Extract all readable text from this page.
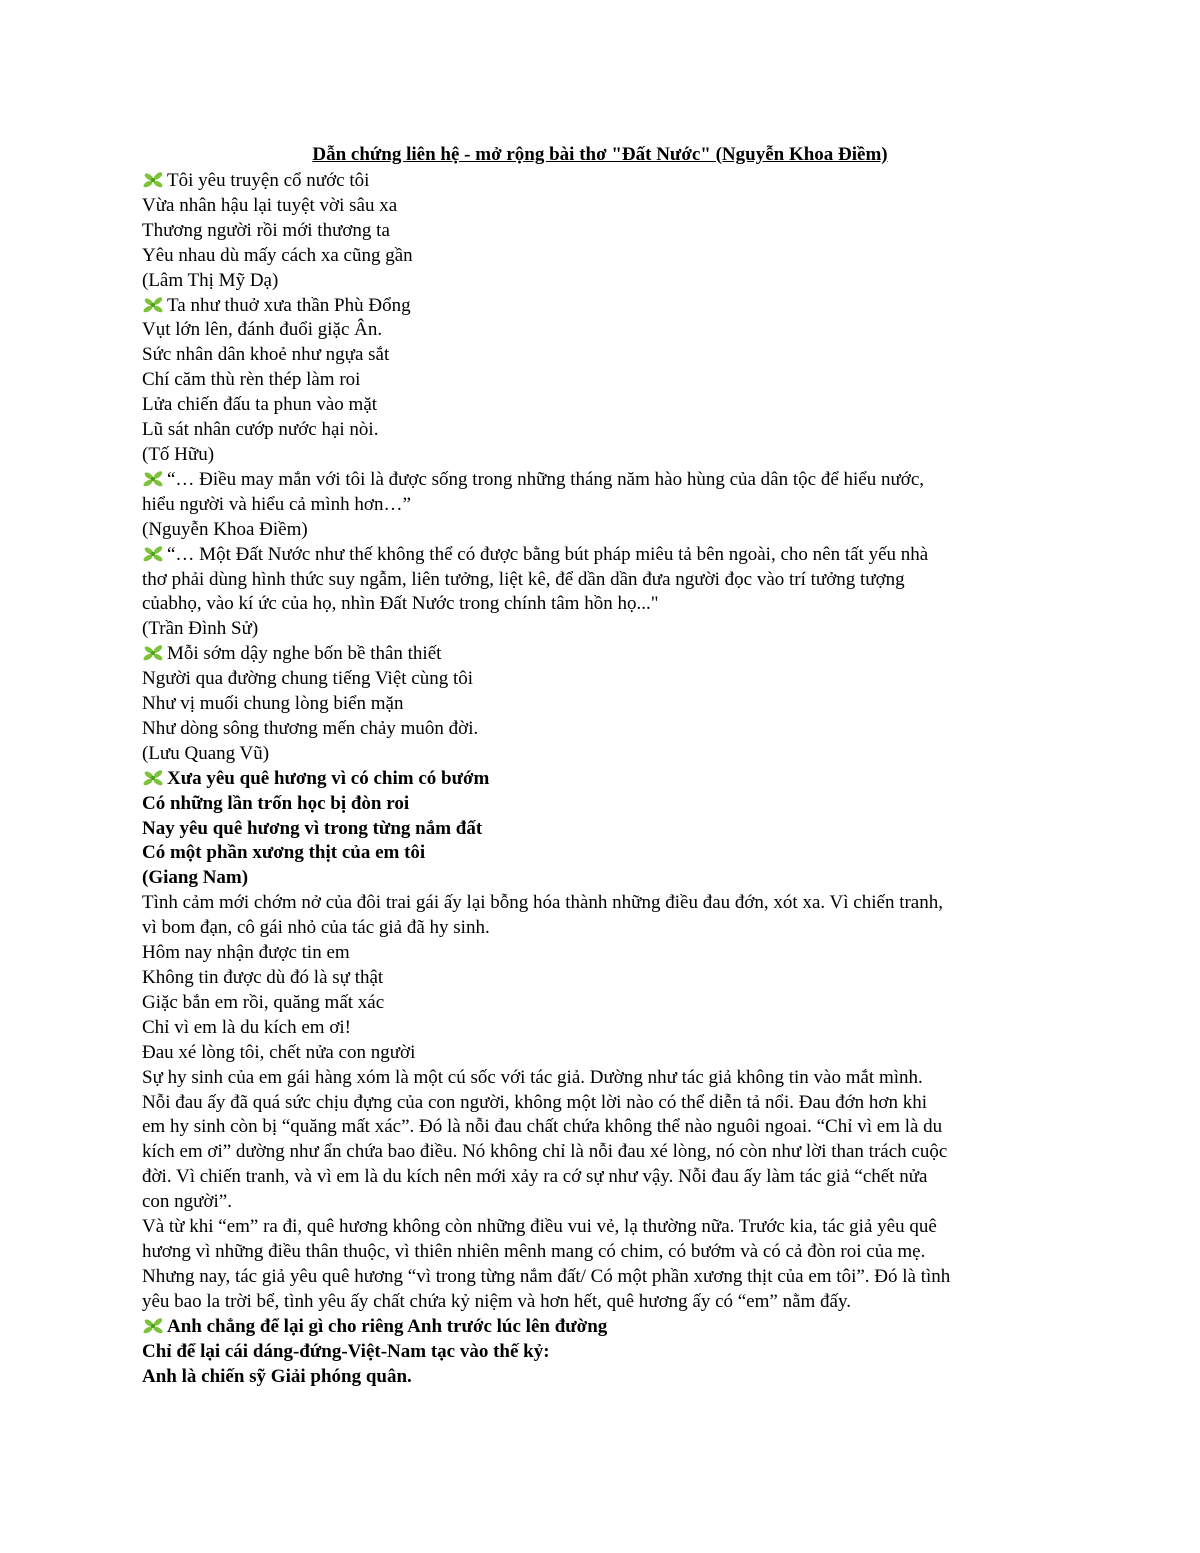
Dẫn chứng liên hệ - mở rộng bài thơ "Đất Nước" (Nguyễn Khoa Điềm)
Tôi yêu truyện cổ nước tôi
Vừa nhân hậu lại tuyệt vời sâu xa
Thương người rồi mới thương ta
Yêu nhau dù mấy cách xa cũng gần
(Lâm Thị Mỹ Dạ)
Ta như thuở xưa thần Phù Đổng
Vụt lớn lên, đánh đuổi giặc Ân.
Sức nhân dân khoẻ như ngựa sắt
Chí căm thù rèn thép làm roi
Lửa chiến đấu ta phun vào mặt
Lũ sát nhân cướp nước hại nòi.
(Tố Hữu)
“… Điều may mắn với tôi là được sống trong những tháng năm hào hùng của dân tộc để hiểu nước,
hiểu người và hiểu cả mình hơn…”
(Nguyễn Khoa Điềm)
“… Một Đất Nước như thế không thể có được bằng bút pháp miêu tả bên ngoài, cho nên tất yếu nhà
thơ phải dùng hình thức suy ngẫm, liên tưởng, liệt kê, để dần dần đưa người đọc vào trí tưởng tượng
củabhọ, vào kí ức của họ, nhìn Đất Nước trong chính tâm hồn họ..."
(Trần Đình Sử)
Mỗi sớm dậy nghe bốn bề thân thiết
Người qua đường chung tiếng Việt cùng tôi
Như vị muối chung lòng biển mặn
Như dòng sông thương mến chảy muôn đời.
(Lưu Quang Vũ)
Xưa yêu quê hương vì có chim có bướm
Có những lần trốn học bị đòn roi
Nay yêu quê hương vì trong từng nắm đất
Có một phần xương thịt của em tôi
(Giang Nam)
Tình cảm mới chớm nở của đôi trai gái ấy lại bỗng hóa thành những điều đau đớn, xót xa. Vì chiến tranh,
vì bom đạn, cô gái nhỏ của tác giả đã hy sinh.
Hôm nay nhận được tin em
Không tin được dù đó là sự thật
Giặc bắn em rồi, quăng mất xác
Chỉ vì em là du kích em ơi!
Đau xé lòng tôi, chết nửa con người
Sự hy sinh của em gái hàng xóm là một cú sốc với tác giả. Dường như tác giả không tin vào mắt mình.
Nỗi đau ấy đã quá sức chịu đựng của con người, không một lời nào có thể diễn tả nổi. Đau đớn hơn khi
em hy sinh còn bị “quăng mất xác”. Đó là nỗi đau chất chứa không thể nào nguôi ngoai. “Chỉ vì em là du
kích em ơi” dường như ẩn chứa bao điều. Nó không chỉ là nỗi đau xé lòng, nó còn như lời than trách cuộc
đời. Vì chiến tranh, và vì em là du kích nên mới xảy ra cớ sự như vậy. Nỗi đau ấy làm tác giả “chết nửa
con người”.
Và từ khi “em” ra đi, quê hương không còn những điều vui vẻ, lạ thường nữa. Trước kia, tác giả yêu quê
hương vì những điều thân thuộc, vì thiên nhiên mênh mang có chim, có bướm và có cả đòn roi của mẹ.
Nhưng nay, tác giả yêu quê hương “vì trong từng nắm đất/ Có một phần xương thịt của em tôi”. Đó là tình
yêu bao la trời bể, tình yêu ấy chất chứa kỷ niệm và hơn hết, quê hương ấy có “em” nằm đấy.
Anh chẳng để lại gì cho riêng Anh trước lúc lên đường
Chỉ để lại cái dáng-đứng-Việt-Nam tạc vào thế kỷ:
Anh là chiến sỹ Giải phóng quân.
